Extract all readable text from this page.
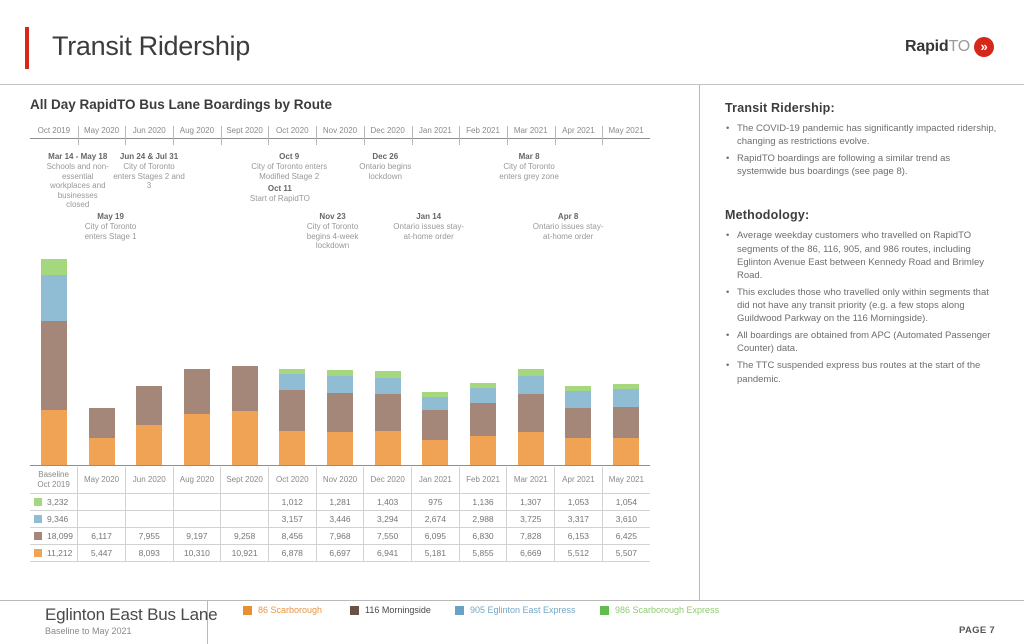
Transit Ridership	Rapid TO »
All Day RapidTO Bus Lane Boardings by Route
Oct 2019	May 2020	Jun 2020	Aug 2020	Sept 2020	Oct 2020	Nov 2020	Dec 2020	Jan 2021	Feb 2021	Mar 2021	Apr 2021	May 2021
Mar 14 - May 18
Schools and non-essential workplaces and businesses closed
Jun 24 & Jul 31
City of Toronto enters Stages 2 and 3
Oct 9
City of Toronto enters Modified Stage 2
Oct 11
Start of RapidTO
Dec 26
Ontario begins lockdown
Mar 8
City of Toronto enters grey zone
May 19
City of Toronto enters Stage 1
Nov 23
City of Toronto begins 4-week lockdown
Jan 14
Ontario issues stay-at-home order
Apr 8
Ontario issues stay-at-home order
Baseline
Oct 2019	May 2020	Jun 2020	Aug 2020	Sept 2020	Oct 2020	Nov 2020	Dec 2020	Jan 2021	Feb 2021	Mar 2021	Apr 2021	May 2021
3,232					1,012	1,281	1,403	975	1,136	1,307	1,053	1,054
9,346					3,157	3,446	3,294	2,674	2,988	3,725	3,317	3,610
18,099	6,117	7,955	9,197	9,258	8,456	7,968	7,550	6,095	6,830	7,828	6,153	6,425
11,212	5,447	8,093	10,310	10,921	6,878	6,697	6,941	5,181	5,855	6,669	5,512	5,507
Transit Ridership:
• The COVID-19 pandemic has significantly impacted ridership, changing as restrictions evolve.
• RapidTO boardings are following a similar trend as systemwide bus boardings (see page 8).
Methodology:
• Average weekday customers who travelled on RapidTO segments of the 86, 116, 905, and 986 routes, including Eglinton Avenue East between Kennedy Road and Brimley Road.
• This excludes those who travelled only within segments that did not have any transit priority (e.g. a few stops along Guildwood Parkway on the 116 Morningside).
• All boardings are obtained from APC (Automated Passenger Counter) data.
• The TTC suspended express bus routes at the start of the pandemic.
Eglinton East Bus Lane
Baseline to May 2021
86 Scarborough	116 Morningside	905 Eglinton East Express	986 Scarborough Express
PAGE 7
